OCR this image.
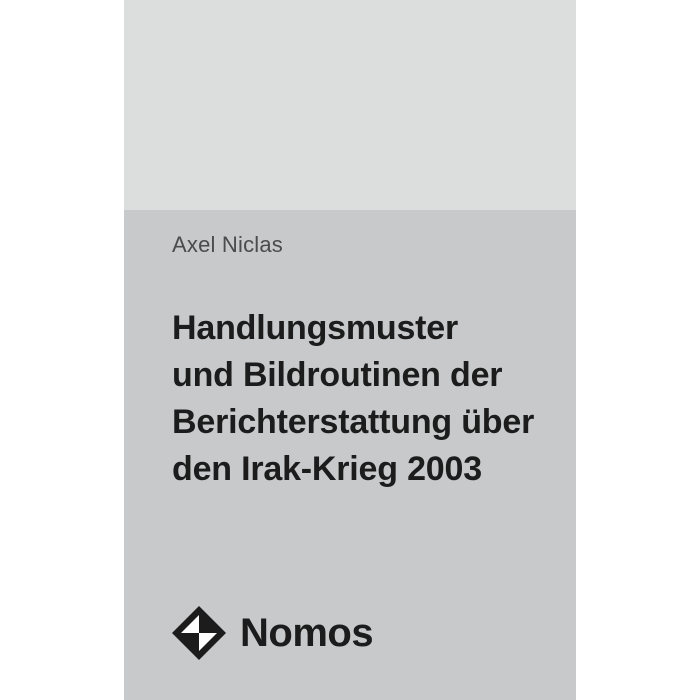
Axel Niclas
Handlungsmuster
und Bildroutinen der
Berichterstattung über
den Irak-Krieg 2003
Nomos
